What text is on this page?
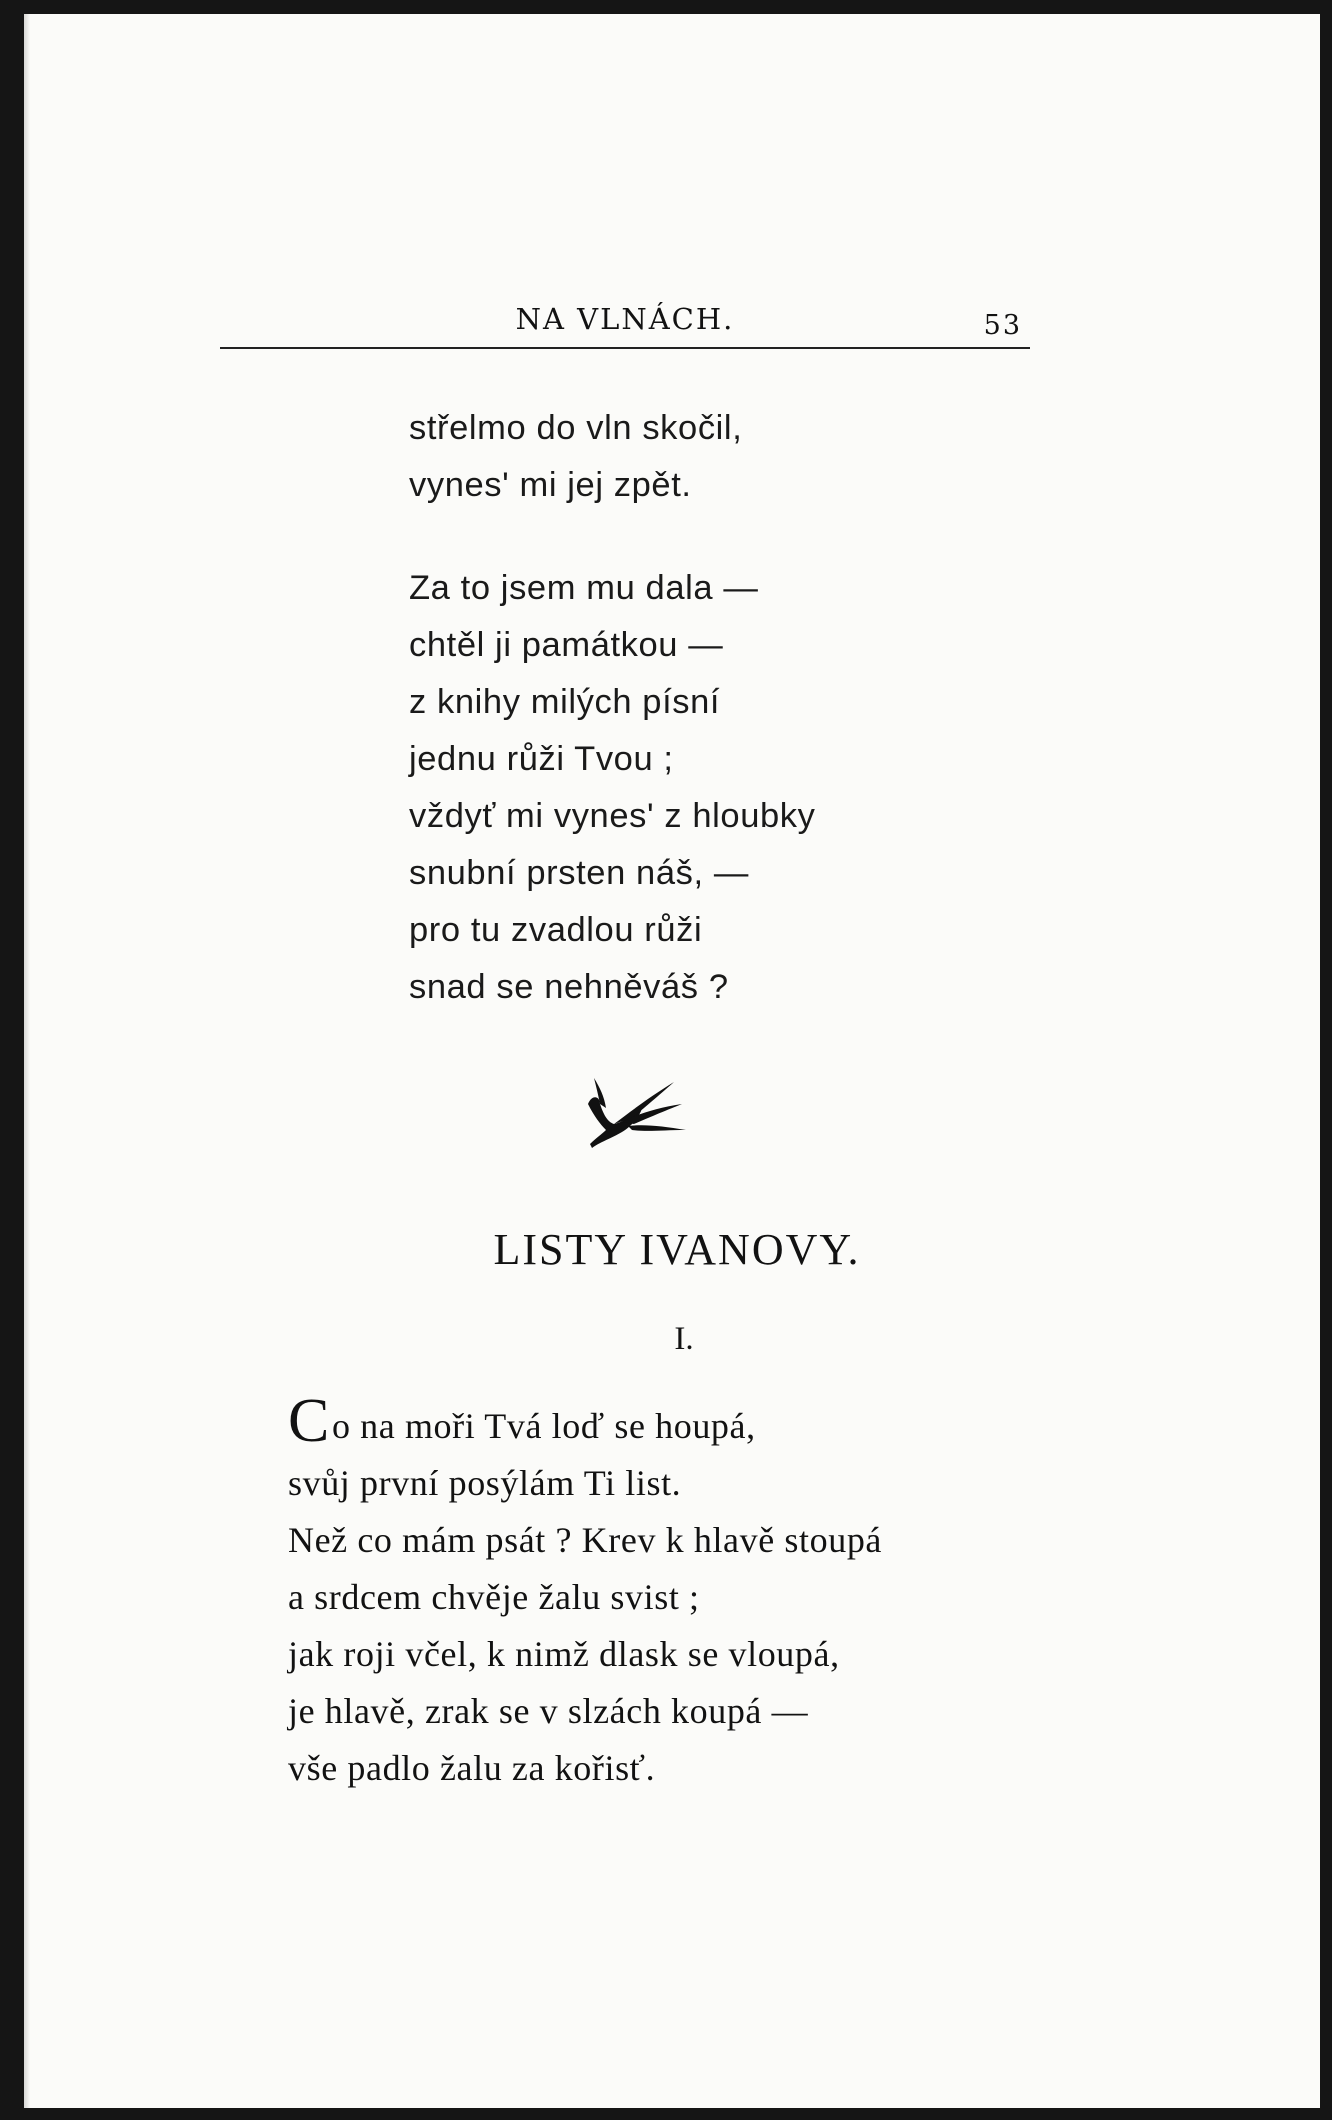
NA VLNÁCH.	53
střelmo do vln skočil,
vynes' mi jej zpět.
Za to jsem mu dala —
chtěl ji památkou —
z knihy milých písní
jednu růži Tvou ;
vždyť mi vynes' z hloubky
snubní prsten náš, —
pro tu zvadlou růži
snad se nehněváš ?
LISTY IVANOVY.
I.
Co na moři Tvá loď se houpá,
svůj první posýlám Ti list.
Než co mám psát ? Krev k hlavě stoupá
a srdcem chvěje žalu svist ;
jak roji včel, k nimž dlask se vloupá,
je hlavě, zrak se v slzách koupá —
vše padlo žalu za kořisť.
